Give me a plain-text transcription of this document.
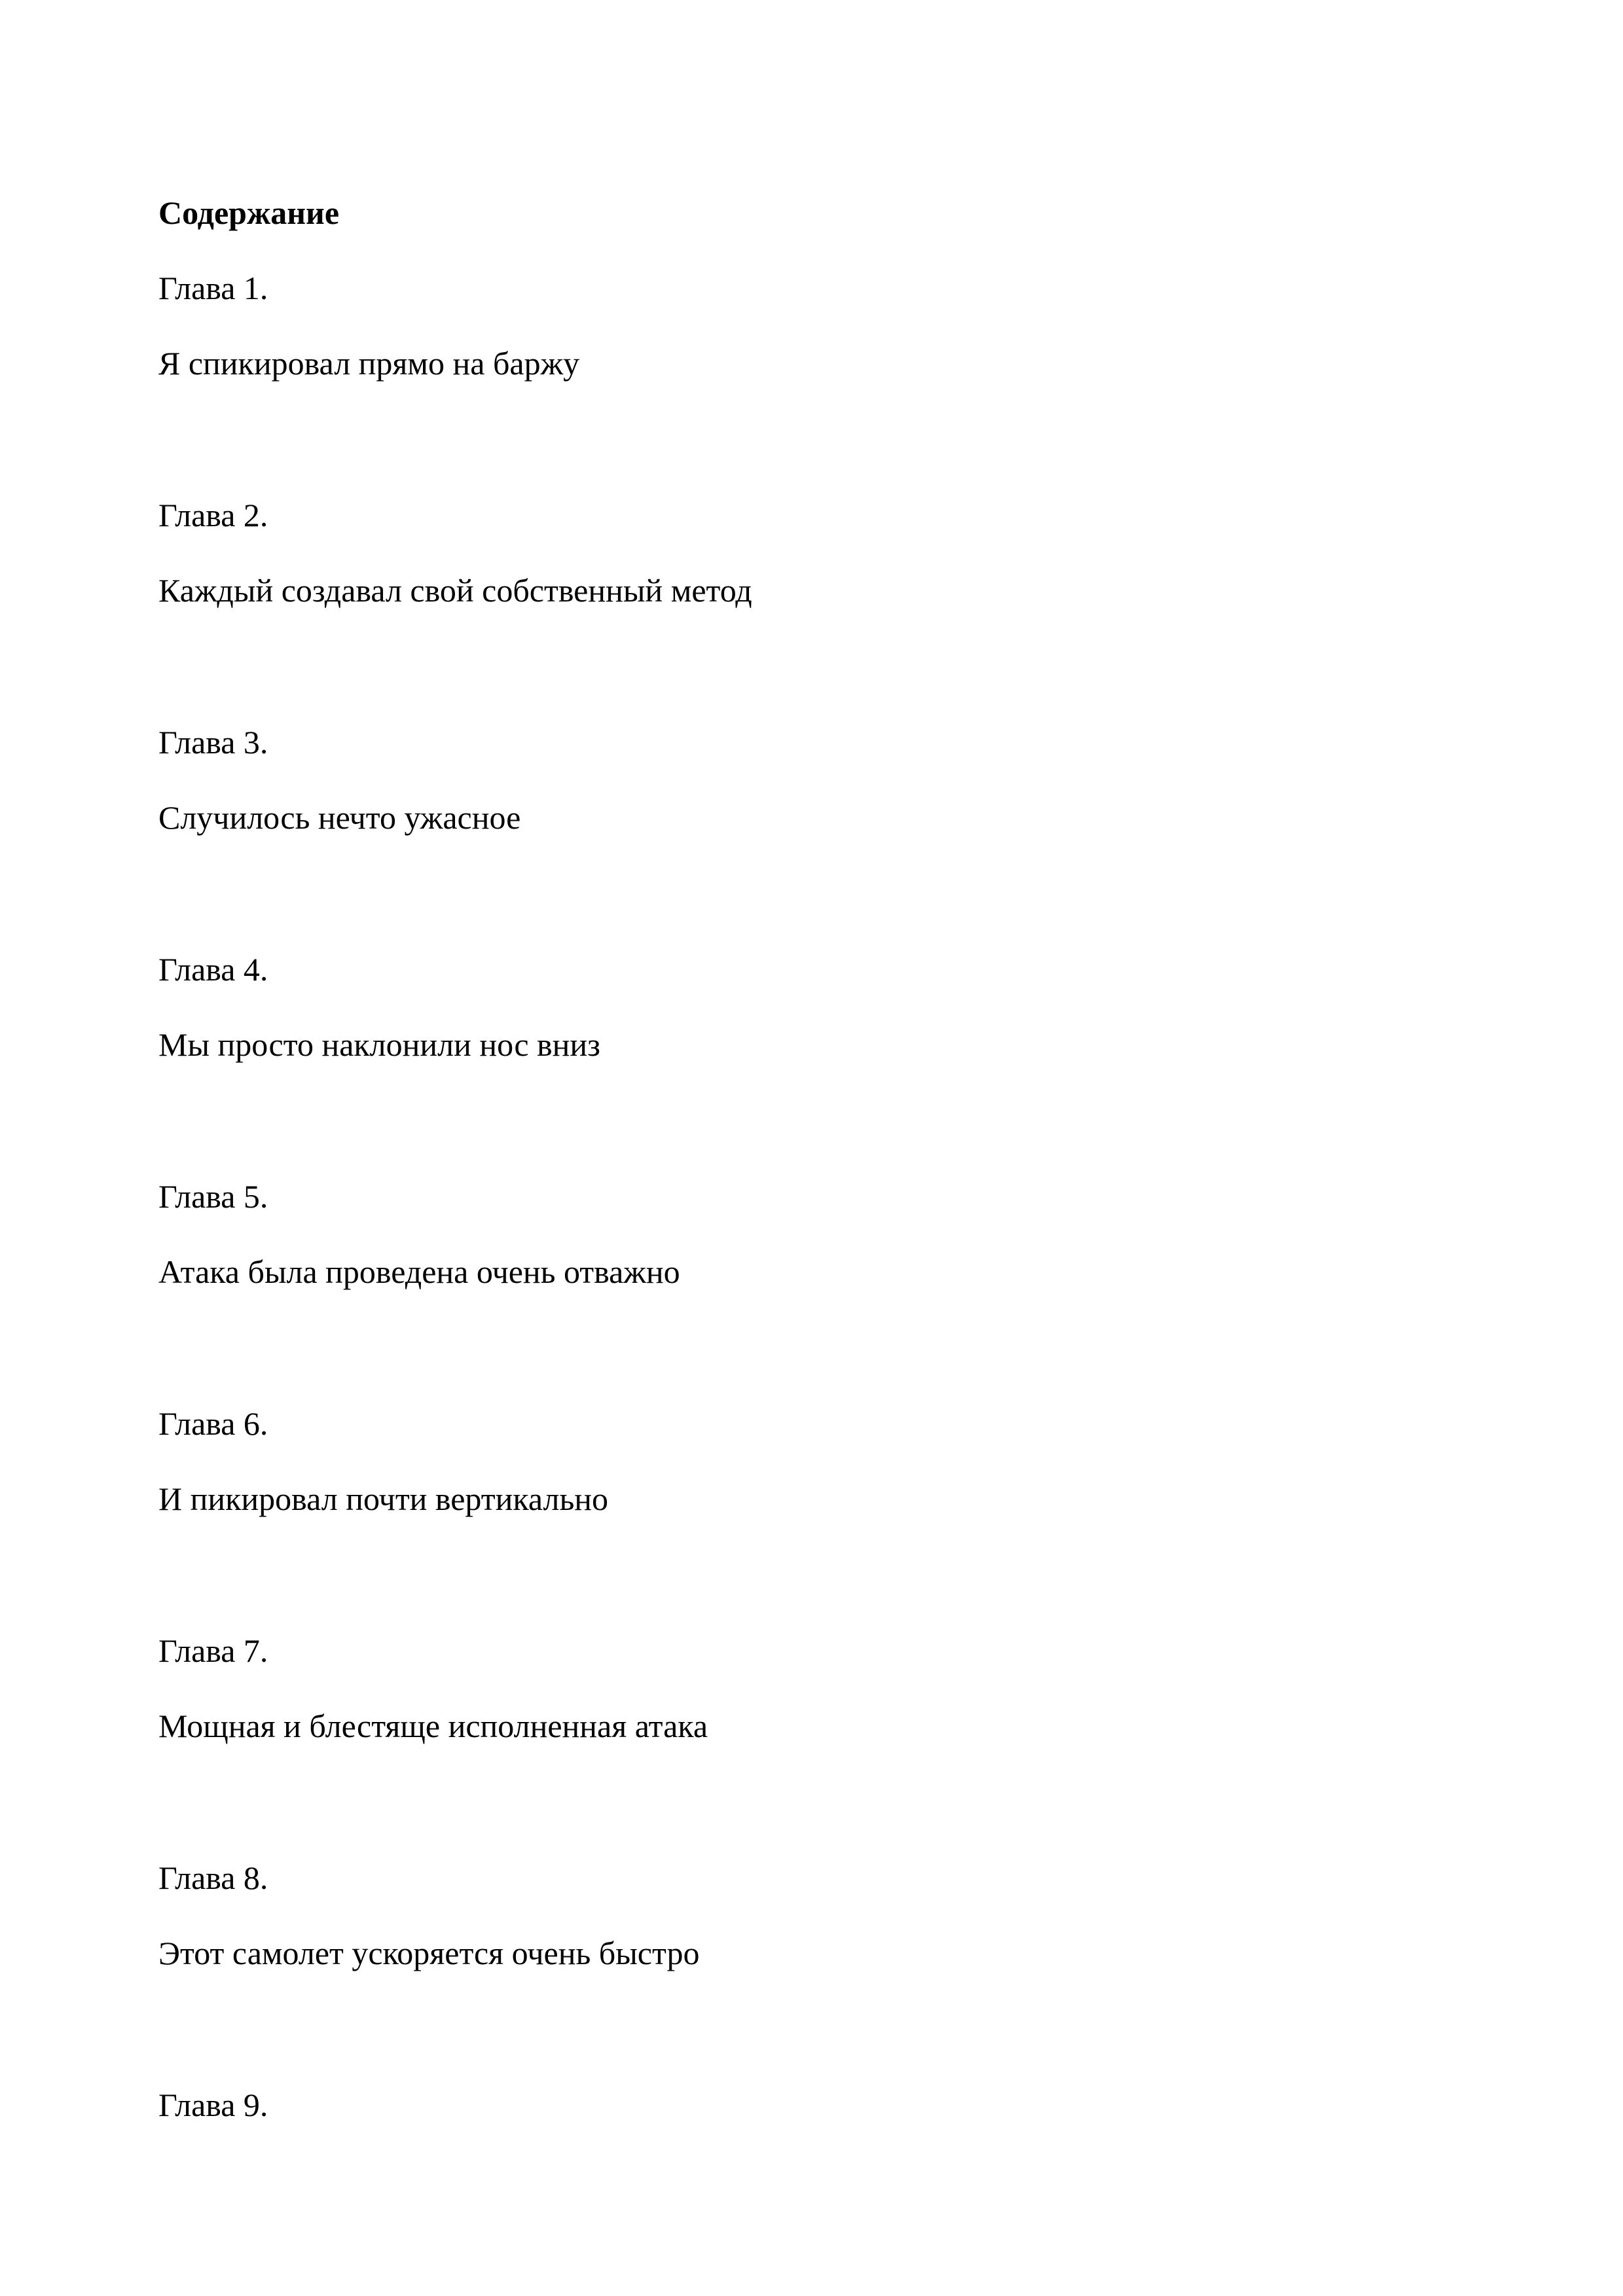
Содержание
Глава 1.
Я спикировал прямо на баржу
Глава 2.
Каждый создавал свой собственный метод
Глава 3.
Случилось нечто ужасное
Глава 4.
Мы просто наклонили нос вниз
Глава 5.
Атака была проведена очень отважно
Глава 6.
И пикировал почти вертикально
Глава 7.
Мощная и блестяще исполненная атака
Глава 8.
Этот самолет ускоряется очень быстро
Глава 9.
